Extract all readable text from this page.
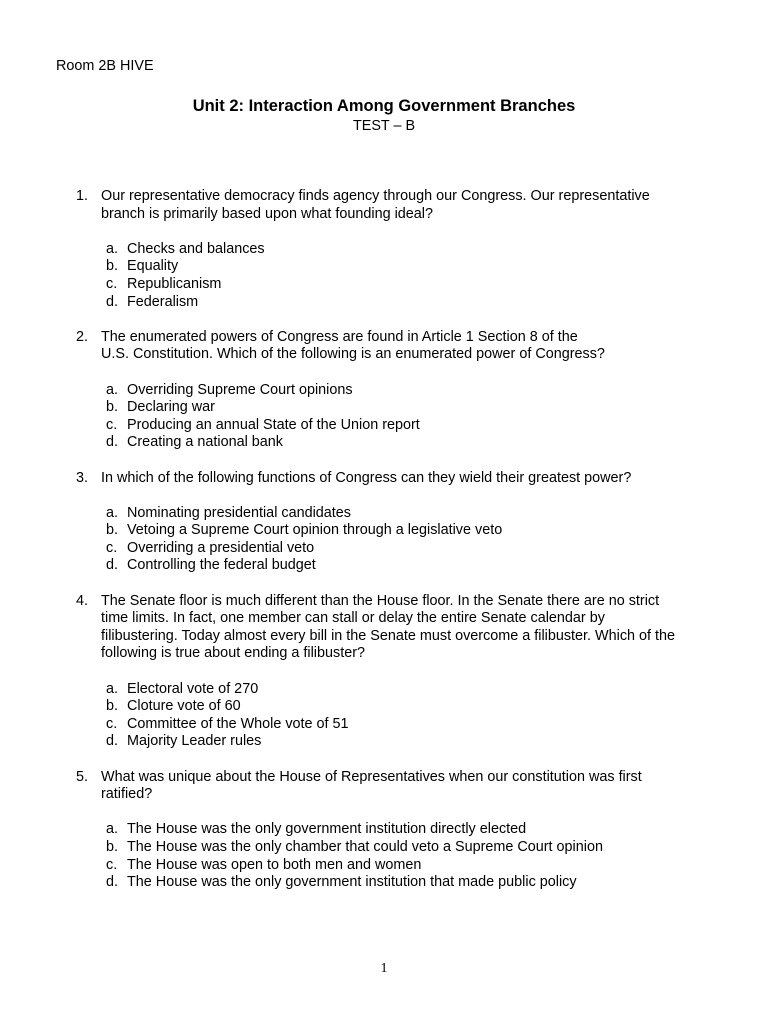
Room 2B HIVE
Unit 2: Interaction Among Government Branches
TEST – B
1. Our representative democracy finds agency through our Congress. Our representative
branch is primarily based upon what founding ideal?
a. Checks and balances
b. Equality
c. Republicanism
d. Federalism
2. The enumerated powers of Congress are found in Article 1 Section 8 of the
U.S. Constitution. Which of the following is an enumerated power of Congress?
a. Overriding Supreme Court opinions
b. Declaring war
c. Producing an annual State of the Union report
d. Creating a national bank
3. In which of the following functions of Congress can they wield their greatest power?
a. Nominating presidential candidates
b. Vetoing a Supreme Court opinion through a legislative veto
c. Overriding a presidential veto
d. Controlling the federal budget
4. The Senate floor is much different than the House floor. In the Senate there are no strict
time limits. In fact, one member can stall or delay the entire Senate calendar by
filibustering. Today almost every bill in the Senate must overcome a filibuster. Which of the
following is true about ending a filibuster?
a. Electoral vote of 270
b. Cloture vote of 60
c. Committee of the Whole vote of 51
d. Majority Leader rules
5. What was unique about the House of Representatives when our constitution was first
ratified?
a. The House was the only government institution directly elected
b. The House was the only chamber that could veto a Supreme Court opinion
c. The House was open to both men and women
d. The House was the only government institution that made public policy
1
